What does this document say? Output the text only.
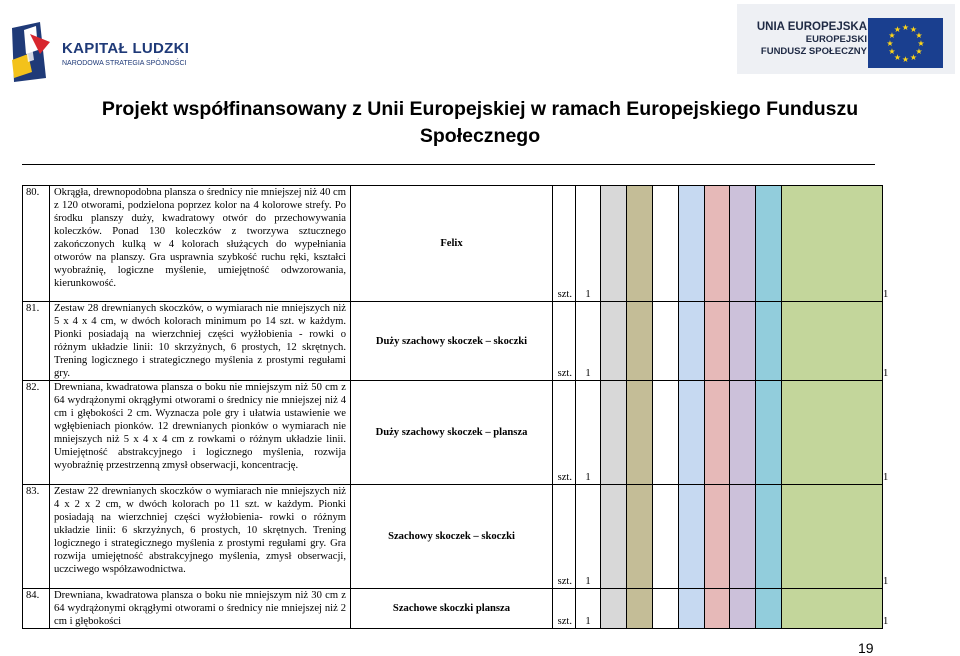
KAPITAŁ LUDZKI
NARODOWA STRATEGIA SPÓJNOŚCI
UNIA EUROPEJSKA
EUROPEJSKI
FUNDUSZ SPOŁECZNY
★ ★
★
★
★
★
★
★
★
★
★
★
Projekt współfinansowany z Unii Europejskiej w ramach Europejskiego Funduszu
Społecznego
80.	Okrągła, drewnopodobna plansza o średnicy nie mniejszej niż 40 cm z 120 otworami, podzielona poprzez kolor na 4 kolorowe strefy. Po środku planszy duży, kwadratowy otwór do przechowywania koleczków. Ponad 130 koleczków z tworzywa sztucznego zakończonych kulką w 4 kolorach służących do wypełniania otworów na planszy. Gra usprawnia szybkość ruchu ręki, kształci wyobraźnię, logiczne myślenie, umiejętność odwzorowania, kierunkowość.	Felix	szt.	1										1
81.	Zestaw 28 drewnianych skoczków, o wymiarach nie mniejszych niż 5 x 4 x 4 cm, w dwóch kolorach minimum po 14 szt. w każdym. Pionki posiadają na wierzchniej części wyżłobienia - rowki o różnym układzie linii: 10 skrzyżnych, 6 prostych, 12 skrętnych. Trening logicznego i strategicznego myślenia z prostymi regułami gry.	Duży szachowy skoczek – skoczki	szt.	1										1
82.	Drewniana, kwadratowa plansza o boku nie mniejszym niż 50 cm z 64 wydrążonymi okrągłymi otworami o średnicy nie mniejszej niż 4 cm i głębokości 2 cm. Wyznacza pole gry i ułatwia ustawienie we wgłębieniach pionków. 12 drewnianych pionków o wymiarach nie mniejszych niż 5 x 4 x 4 cm z rowkami o różnym układzie linii. Umiejętność abstrakcyjnego i logicznego myślenia, rozwija wyobraźnię przestrzenną zmysł obserwacji, koncentrację.	Duży szachowy skoczek – plansza	szt.	1										1
83.	Zestaw 22 drewnianych skoczków o wymiarach nie mniejszych niż 4 x 2 x 2 cm, w dwóch kolorach po 11 szt. w każdym. Pionki posiadają na wierzchniej części wyżłobienia- rowki o różnym układzie linii: 6 skrzyżnych, 6 prostych, 10 skrętnych. Trening logicznego i strategicznego myślenia z prostymi regułami gry. Gra rozwija umiejętność abstrakcyjnego myślenia, zmysł obserwacji, uczciwego współzawodnictwa.	Szachowy skoczek – skoczki	szt.	1										1
84.	Drewniana, kwadratowa plansza o boku nie mniejszym niż 30 cm z 64 wydrążonymi okrągłymi otworami o średnicy nie mniejszej niż 2 cm i głębokości	Szachowe skoczki plansza	szt.	1										1
19
